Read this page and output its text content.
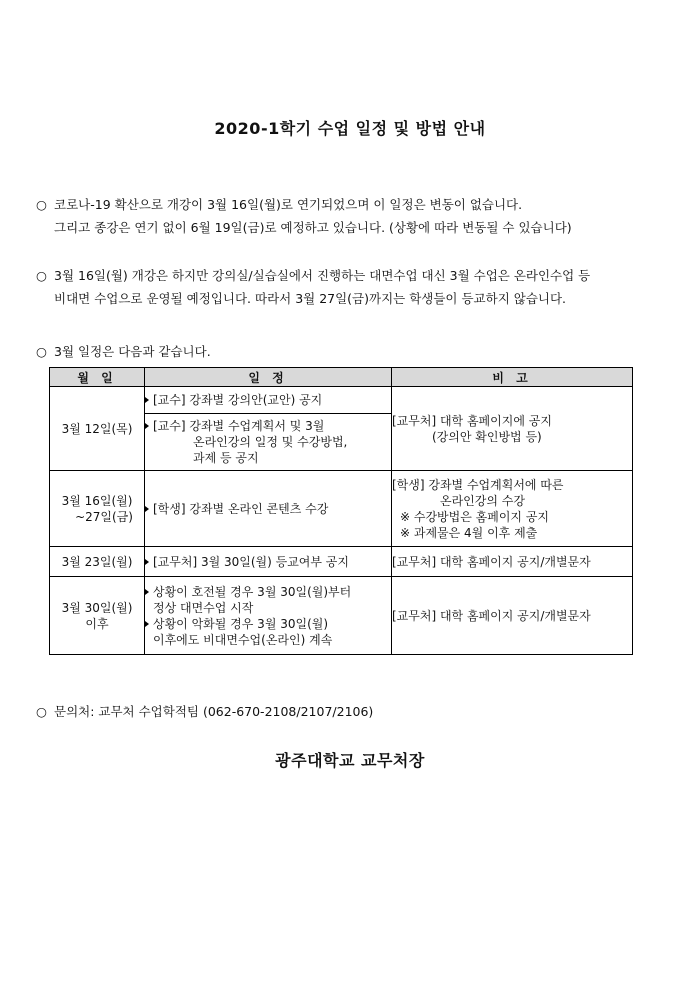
2020-1학기 수업 일정 및 방법 안내
○ 코로나-19 확산으로 개강이 3월 16일(월)로 연기되었으며 이 일정은 변동이 없습니다.
그리고 종강은 연기 없이 6월 19일(금)로 예정하고 있습니다. (상황에 따라 변동될 수 있습니다)
○ 3월 16일(월) 개강은 하지만 강의실/실습실에서 진행하는 대면수업 대신 3월 수업은 온라인수업 등
비대면 수업으로 운영될 예정입니다. 따라서 3월 27일(금)까지는 학생들이 등교하지 않습니다.
○ 3월 일정은 다음과 같습니다.
월 일	일 정	비 고

3월 12일(목)	[교수] 강좌별 강의안(교안) 공지	[교무처] 대학 홈페이지에 공지
(강의안 확인방법 등)

	[교수] 강좌별 수업계획서 및 3월
온라인강의 일정 및 수강방법,
과제 등 공지	

3월 16일(월)
~27일(금)	[학생] 강좌별 온라인 콘텐츠 수강	[학생] 강좌별 수업계획서에 따른
온라인강의 수강
※ 수강방법은 홈페이지 공지
※ 과제물은 4월 이후 제출

3월 23일(월)	[교무처] 3월 30일(월) 등교여부 공지	[교무처] 대학 홈페이지 공지/개별문자

3월 30일(월)
이후	상황이 호전될 경우 3월 30일(월)부터
정상 대면수업 시작
상황이 악화될 경우 3월 30일(월)
이후에도 비대면수업(온라인) 계속	[교무처] 대학 홈페이지 공지/개별문자
○ 문의처: 교무처 수업학적팀 (062-670-2108/2107/2106)
광주대학교 교무처장
